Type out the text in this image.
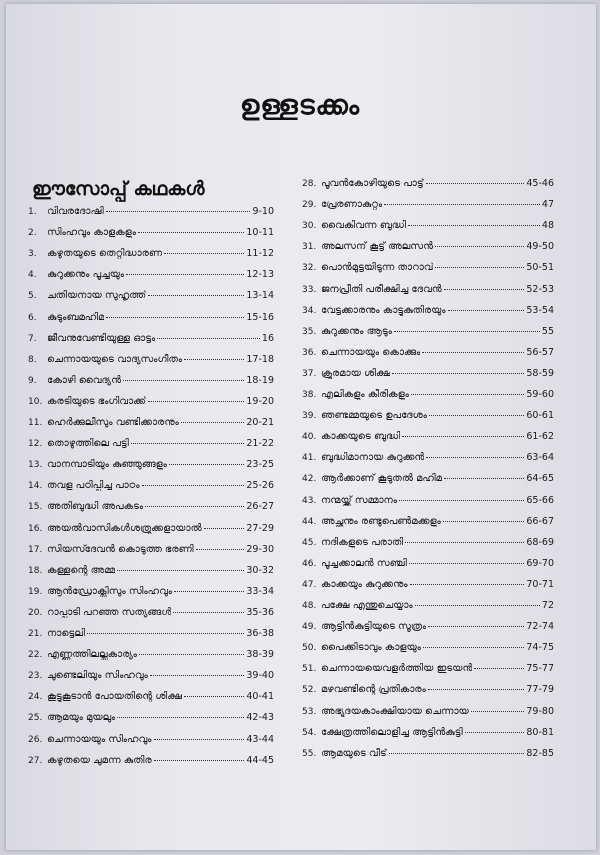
ഉള്ളടക്കം
ഈസോപ്പ് കഥകൾ
1.	വിവരദോഷി	9-10
2.	സിംഹവും കാളകളും	10-11
3.	കഴുതയുടെ തെറ്റിദ്ധാരണ	11-12
4.	കുറുക്കനും പൂച്ചയും	12-13
5.	ചതിയനായ സുഹൃത്ത്	13-14
6.	കുടുംബമഹിമ	15-16
7.	ജീവനുവേണ്ടിയുള്ള ഓട്ടം	16
8.	ചെന്നായയുടെ വാദ്യസംഗീതം	17-18
9.	കോഴി വൈദ്യൻ	18-19
10. കരടിയുടെ ഭംഗിവാക്ക്	19-20
11. ഹെർക്കുലീസും വണ്ടിക്കാരനും	20-21
12. തൊഴുത്തിലെ പട്ടി	21-22
13. വാനമ്പാടിയും കുഞ്ഞുങ്ങളും	23-25
14. തവള പഠിപ്പിച്ച പാഠം	25-26
15. അതിബുദ്ധി അപകടം	26-27
16. അയൽവാസികൾശത്രുക്കളായാൽ	27-29
17. സിയസ്ദേവൻ കൊടുത്ത ഭരണി	29-30
18. കള്ളന്റെ അമ്മ	30-32
19. ആൻഡ്രോക്ലിസും സിംഹവും	33-34
20. റാപ്പാടി പറഞ്ഞ സത്യങ്ങൾ	35-36
21. നാട്ടെലി	36-38
22. എണ്ണത്തിലല്ലകാര്യം	38-39
23. ചുണ്ടെലിയും സിംഹവും	39-40
24. കൂട്ടുകൂടാൻ പോയതിന്റെ ശിക്ഷ	40-41
25. ആമയും മുയലും	42-43
26. ചെന്നായയും സിംഹവും	43-44
27. കഴുതയെ ചുമന്ന കുതിര	44-45
28. പൂവൻകോഴിയുടെ പാട്ട്	45-46
29. പ്രേരണാകുറ്റം	47
30. വൈകിവന്ന ബുദ്ധി	48
31. അലസന് കൂട്ട് അലസൻ	49-50
32. പൊൻമുട്ടയിടുന്ന താറാവ്	50-51
33. ജനപ്രീതി പരീക്ഷിച്ച ദേവൻ	52-53
34. വേട്ടക്കാരനും കാട്ടുകുതിരയും	53-54
35. കുറുക്കനും ആടും	55
36. ചെന്നായയും കൊക്കും	56-57
37. ക്രൂരമായ ശിക്ഷ	58-59
38. എലികളും കീരികളും	59-60
39. ഞണ്ടമ്മയുടെ ഉപദേശം	60-61
40. കാക്കയുടെ ബുദ്ധി	61-62
41. ബുദ്ധിമാനായ കുറുക്കൻ	63-64
42. ആർക്കാണ് കൂടുതൽ മഹിമ	64-65
43. നന്മയ്ക്ക് സമ്മാനം	65-66
44. അച്ഛനും രണ്ടുപെൺമക്കളും	66-67
45. നദികളുടെ പരാതി	68-69
46. പൂച്ചക്കാലൻ സഞ്ചി	69-70
47. കാക്കയും കുറുക്കനും	70-71
48. പക്ഷേ എന്തുചെയ്യാം	72
49. ആട്ടിൻകുട്ടിയുടെ സൂത്രം	72-74
50. പൈക്കിടാവും കാളയും	74-75
51. ചെന്നായയെവളർത്തിയ ഇടയൻ	75-77
52. മഴവണ്ടിന്റെ പ്രതികാരം	77-79
53. അഭ്യുദയകാംക്ഷിയായ ചെന്നായ	79-80
54. ക്ഷേത്രത്തിലൊളിച്ച ആട്ടിൻകുട്ടി	80-81
55. ആമയുടെ വീട്	82-85
